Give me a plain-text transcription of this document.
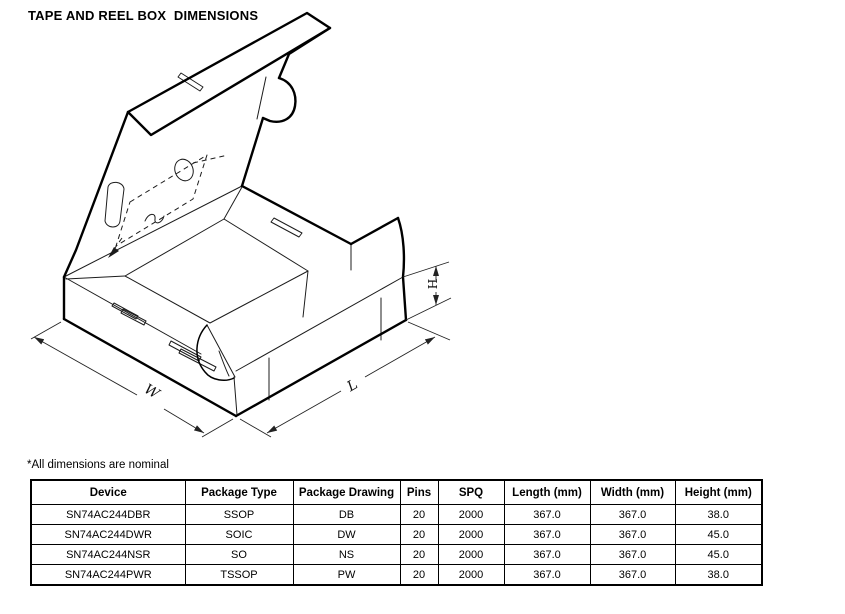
TAPE AND REEL BOX  DIMENSIONS
W	L
H
*All dimensions are nominal
Device	Package Type	Package Drawing	Pins	SPQ	Length (mm)	Width (mm)	Height (mm)
SN74AC244DBR	SSOP	DB	20	2000	367.0	367.0	38.0
SN74AC244DWR	SOIC	DW	20	2000	367.0	367.0	45.0
SN74AC244NSR	SO	NS	20	2000	367.0	367.0	45.0
SN74AC244PWR	TSSOP	PW	20	2000	367.0	367.0	38.0
